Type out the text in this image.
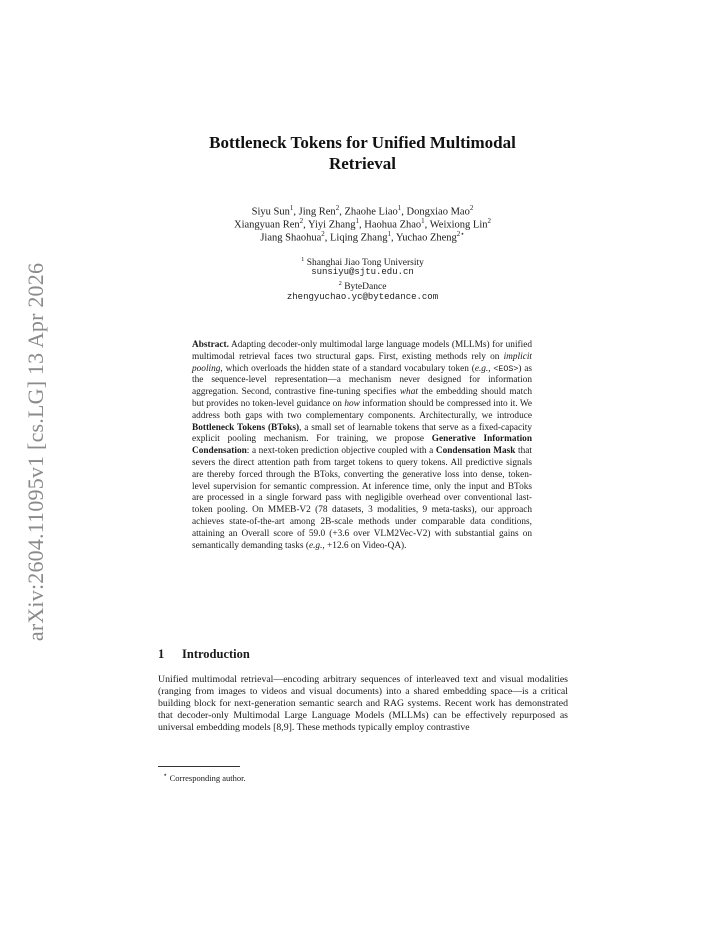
arXiv:2604.11095v1 [cs.LG] 13 Apr 2026
Bottleneck Tokens for Unified Multimodal Retrieval
Siyu Sun$^1$, Jing Ren$^2$, Zhaohe Liao$^1$, Dongxiao Mao$^2$
Xiangyuan Ren$^2$, Yiyi Zhang$^1$, Haohua Zhao$^1$, Weixiong Lin$^2$
Jiang Shaohua$^2$, Liqing Zhang$^1$, Yuchao Zheng$^{2⋆}$
$^1$ Shanghai Jiao Tong University
sunsiyu@sjtu.edu.cn
$^2$ ByteDance
zhengyuchao.yc@bytedance.com
Abstract. Adapting decoder-only multimodal large language models (MLLMs) for unified multimodal retrieval faces two structural gaps. First, existing methods rely on implicit pooling, which overloads the hidden state of a standard vocabulary token (e.g., <EOS>) as the sequence-level representation—a mechanism never designed for information aggregation. Second, contrastive fine-tuning specifies what the embedding should match but provides no token-level guidance on how information should be compressed into it. We address both gaps with two complementary components. Architecturally, we introduce Bottleneck Tokens (BToks), a small set of learnable tokens that serve as a fixed-capacity explicit pooling mechanism. For training, we propose Generative Information Condensation: a next-token prediction objective coupled with a Condensation Mask that severs the direct attention path from target tokens to query tokens. All predictive signals are thereby forced through the BToks, converting the generative loss into dense, token-level supervision for semantic compression. At inference time, only the input and BToks are processed in a single forward pass with negligible overhead over conventional last-token pooling. On MMEB-V2 (78 datasets, 3 modalities, 9 meta-tasks), our approach achieves state-of-the-art among 2B-scale methods under comparable data conditions, attaining an Overall score of 59.0 (+3.6 over VLM2Vec-V2) with substantial gains on semantically demanding tasks (e.g., +12.6 on Video-QA).
1 Introduction
Unified multimodal retrieval—encoding arbitrary sequences of interleaved text and visual modalities (ranging from images to videos and visual documents) into a shared embedding space—is a critical building block for next-generation semantic search and RAG systems. Recent work has demonstrated that decoder-only Multimodal Large Language Models (MLLMs) can be effectively repurposed as universal embedding models [8,9]. These methods typically employ contrastive
⋆ Corresponding author.
